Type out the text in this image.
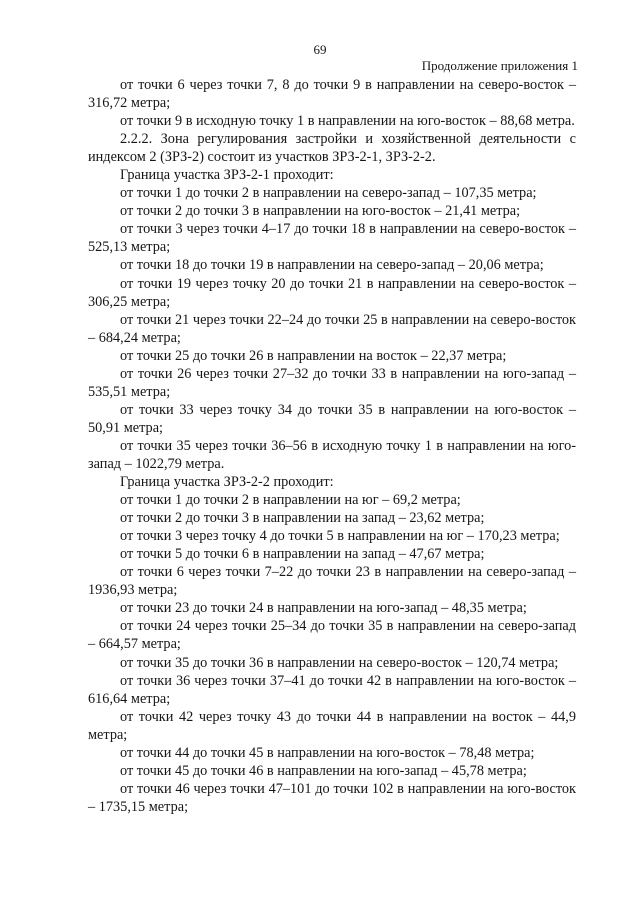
69
Продолжение приложения 1

от точки 6 через точки 7, 8 до точки 9 в направлении на северо-восток – 316,72 метра;

от точки 9 в исходную точку 1 в направлении на юго-восток – 88,68 метра.

2.2.2. Зона регулирования застройки и хозяйственной деятельности с индексом 2 (ЗРЗ-2) состоит из участков ЗРЗ-2-1, ЗРЗ-2-2.

Граница участка ЗРЗ-2-1 проходит:

от точки 1 до точки 2 в направлении на северо-запад – 107,35 метра;

от точки 2 до точки 3 в направлении на юго-восток – 21,41 метра;

от точки 3 через точки 4–17 до точки 18 в направлении на северо-восток – 525,13 метра;

от точки 18 до точки 19 в направлении на северо-запад – 20,06 метра;

от точки 19 через точку 20 до точки 21 в направлении на северо-восток – 306,25 метра;

от точки 21 через точки 22–24 до точки 25 в направлении на северо-восток – 684,24 метра;

от точки 25 до точки 26 в направлении на восток – 22,37 метра;

от точки 26 через точки 27–32 до точки 33 в направлении на юго-запад – 535,51 метра;

от точки 33 через точку 34 до точки 35 в направлении на юго-восток – 50,91 метра;

от точки 35 через точки 36–56 в исходную точку 1 в направлении на юго-запад – 1022,79 метра.

Граница участка ЗРЗ-2-2 проходит:

от точки 1 до точки 2 в направлении на юг – 69,2 метра;

от точки 2 до точки 3 в направлении на запад – 23,62 метра;

от точки 3 через точку 4 до точки 5 в направлении на юг – 170,23 метра;

от точки 5 до точки 6 в направлении на запад – 47,67 метра;

от точки 6 через точки 7–22 до точки 23 в направлении на северо-запад – 1936,93 метра;

от точки 23 до точки 24 в направлении на юго-запад – 48,35 метра;

от точки 24 через точки 25–34 до точки 35 в направлении на северо-запад – 664,57 метра;

от точки 35 до точки 36 в направлении на северо-восток – 120,74 метра;

от точки 36 через точки 37–41 до точки 42 в направлении на юго-восток – 616,64 метра;

от точки 42 через точку 43 до точки 44 в направлении на восток – 44,9 метра;

от точки 44 до точки 45 в направлении на юго-восток – 78,48 метра;

от точки 45 до точки 46 в направлении на юго-запад – 45,78 метра;

от точки 46 через точки 47–101 до точки 102 в направлении на юго-восток – 1735,15 метра;
